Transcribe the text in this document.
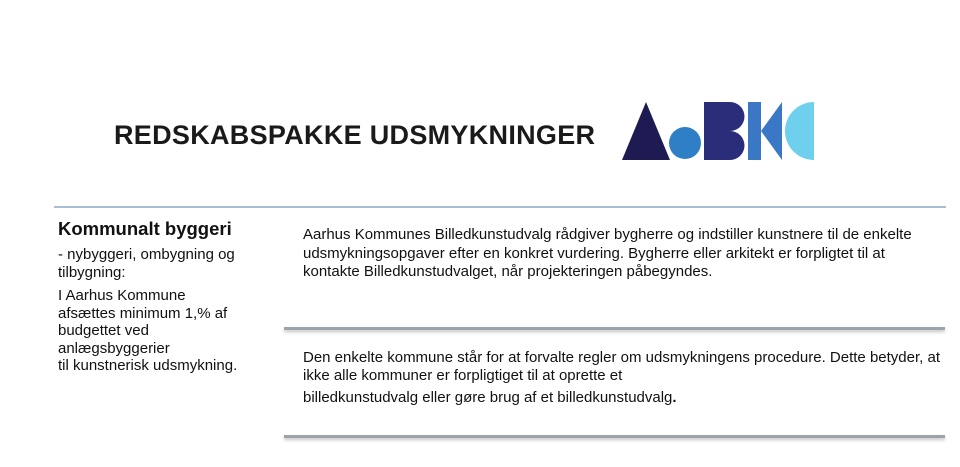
REDSKABSPAKKE UDSMYKNINGER
Kommunalt byggeri
- nybyggeri, ombygning og tilbygning:
I Aarhus Kommune
afsættes minimum 1,% af
budgettet ved
anlægsbyggerier
til kunstnerisk udsmykning.
Aarhus Kommunes Billedkunstudvalg rådgiver bygherre og indstiller kunstnere til de enkelte udsmykningsopgaver efter en konkret vurdering. Bygherre eller arkitekt er forpligtet til at kontakte Billedkunstudvalget, når projekteringen påbegyndes.
Den enkelte kommune står for at forvalte regler om udsmykningens procedure. Dette betyder, at ikke alle kommuner er forpligtiget til at oprette et
billedkunstudvalg eller gøre brug af et billedkunstudvalg.
